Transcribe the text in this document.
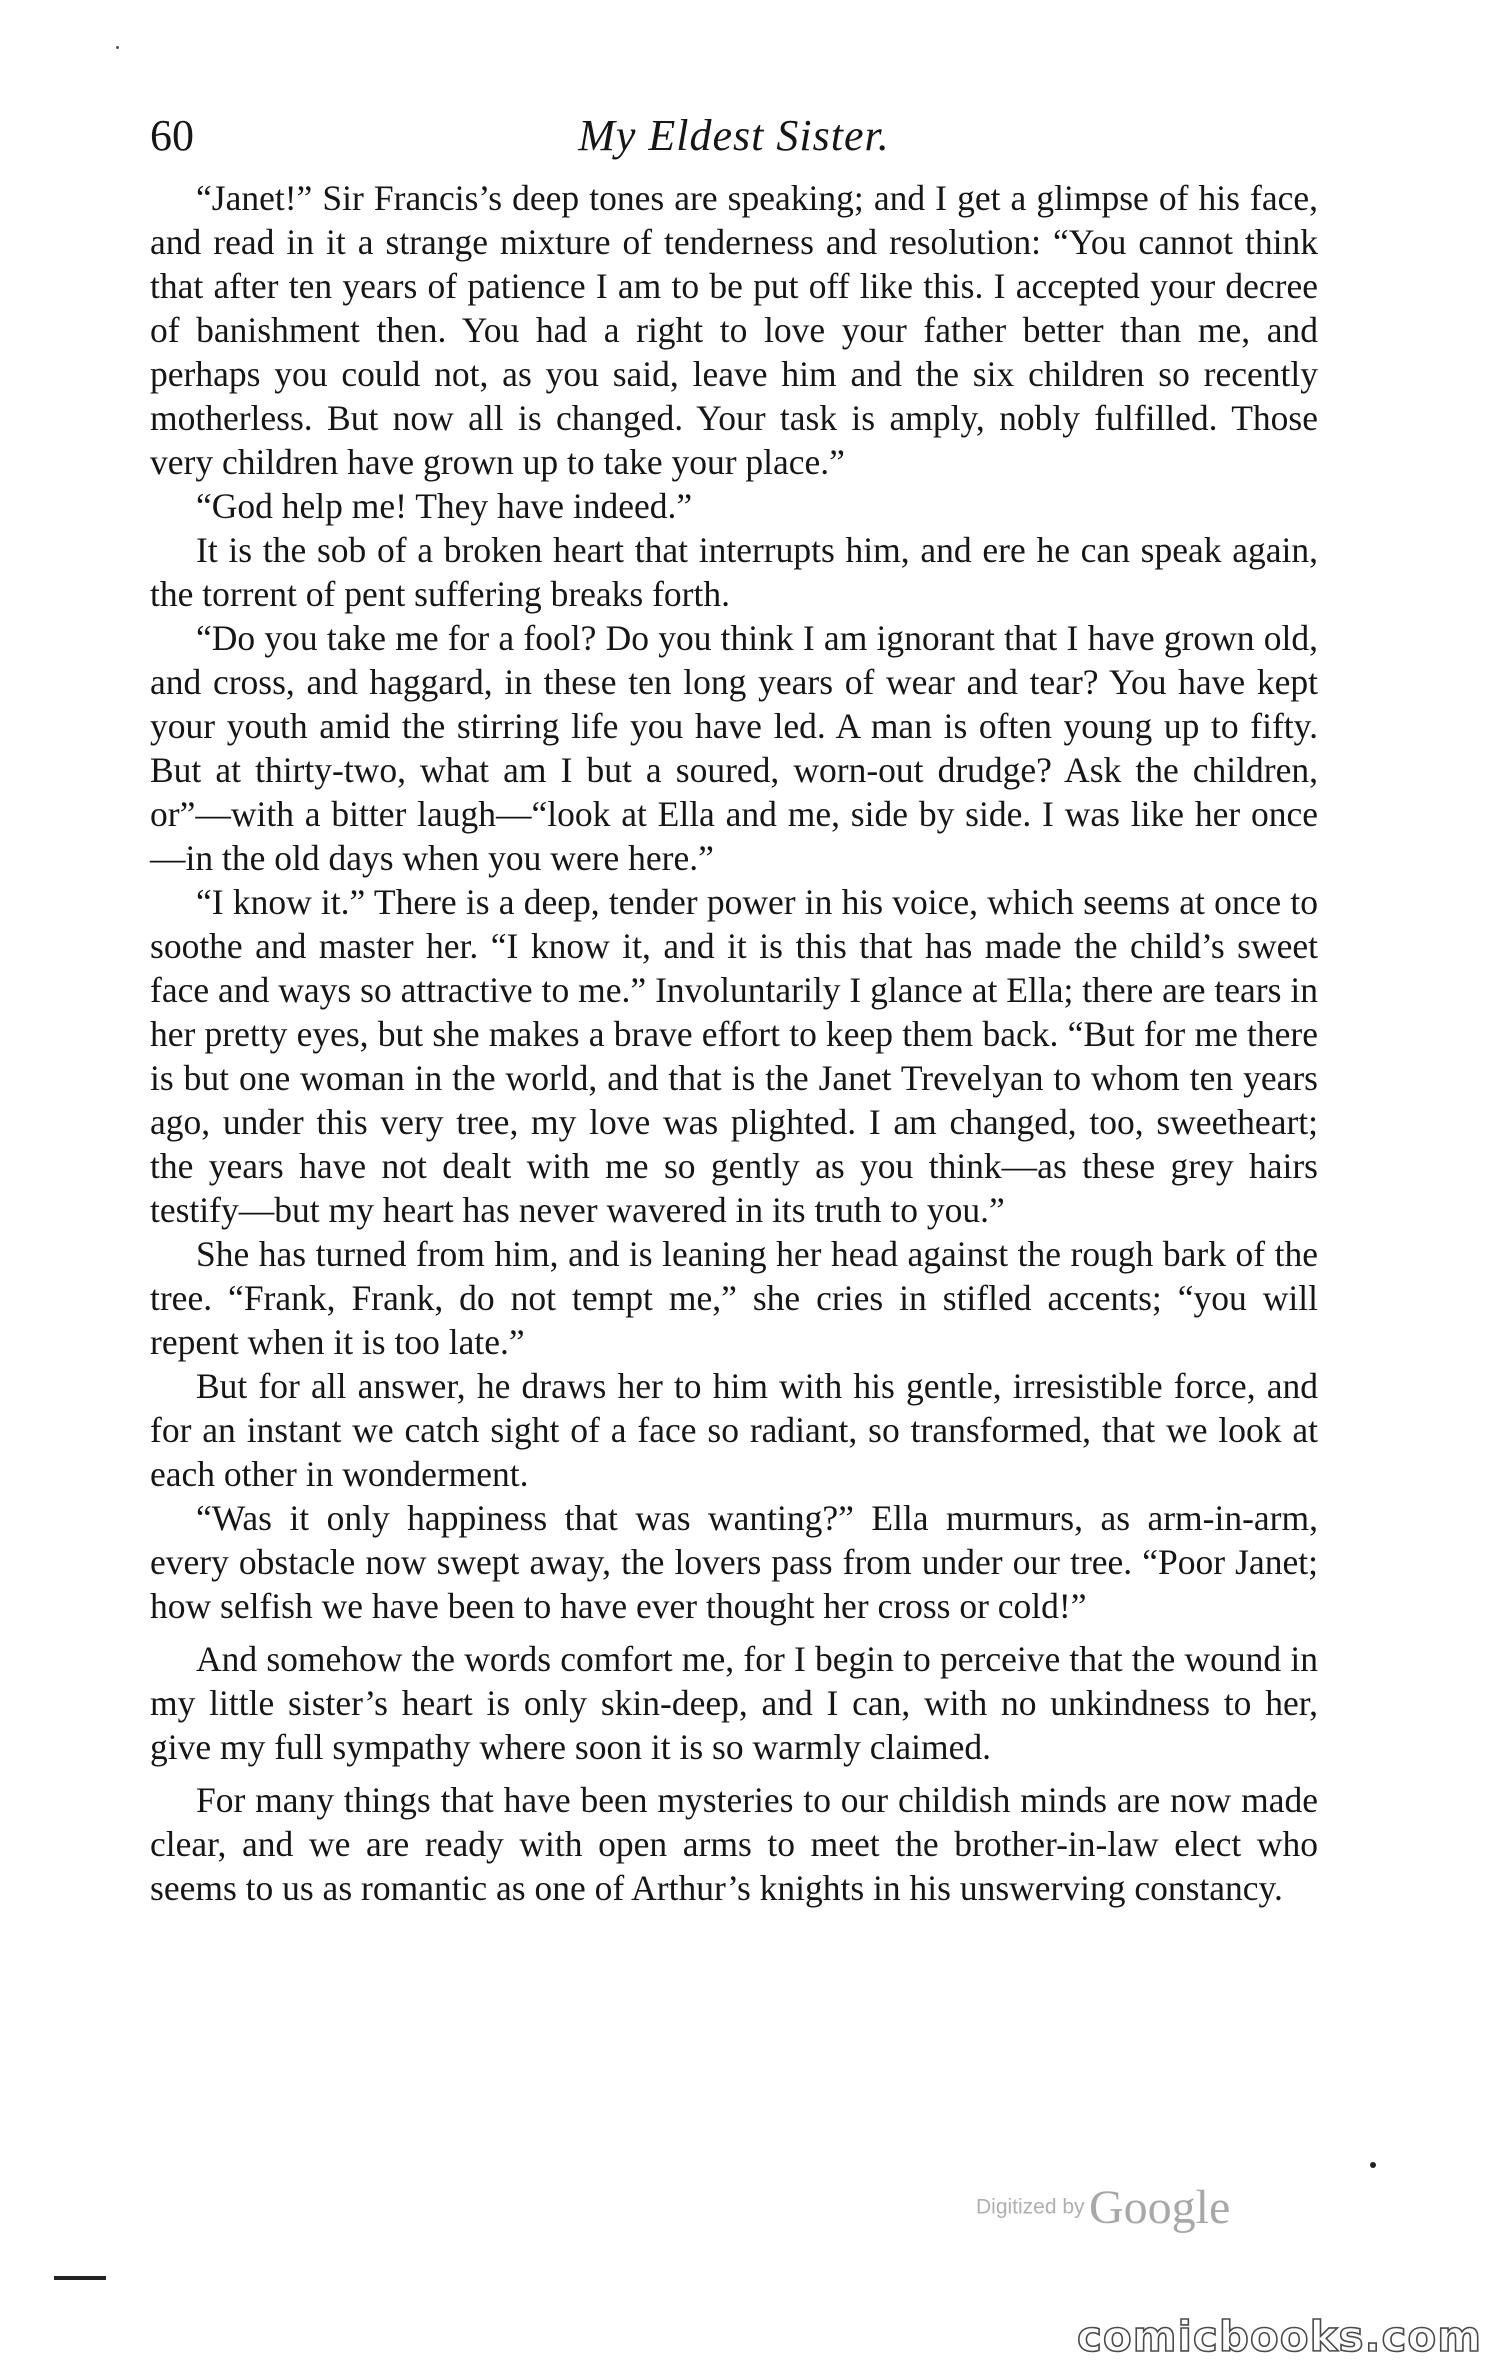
60	My Eldest Sister.

“Janet!” Sir Francis’s deep tones are speaking; and I get a glimpse of his face, and read in it a strange mixture of tenderness and resolution: “You cannot think that after ten years of patience I am to be put off like this. I accepted your decree of banishment then. You had a right to love your father better than me, and perhaps you could not, as you said, leave him and the six children so recently motherless. But now all is changed. Your task is amply, nobly fulfilled. Those very children have grown up to take your place.”

“God help me! They have indeed.”

It is the sob of a broken heart that interrupts him, and ere he can speak again, the torrent of pent suffering breaks forth.

“Do you take me for a fool? Do you think I am ignorant that I have grown old, and cross, and haggard, in these ten long years of wear and tear? You have kept your youth amid the stirring life you have led. A man is often young up to fifty. But at thirty-two, what am I but a soured, worn-out drudge? Ask the children, or”—with a bitter laugh—“look at Ella and me, side by side. I was like her once—in the old days when you were here.”

“I know it.” There is a deep, tender power in his voice, which seems at once to soothe and master her. “I know it, and it is this that has made the child’s sweet face and ways so attractive to me.” Involuntarily I glance at Ella; there are tears in her pretty eyes, but she makes a brave effort to keep them back. “But for me there is but one woman in the world, and that is the Janet Trevelyan to whom ten years ago, under this very tree, my love was plighted. I am changed, too, sweetheart; the years have not dealt with me so gently as you think—as these grey hairs testify—but my heart has never wavered in its truth to you.”

She has turned from him, and is leaning her head against the rough bark of the tree. “Frank, Frank, do not tempt me,” she cries in stifled accents; “you will repent when it is too late.”

But for all answer, he draws her to him with his gentle, irresistible force, and for an instant we catch sight of a face so radiant, so transformed, that we look at each other in wonderment.

“Was it only happiness that was wanting?” Ella murmurs, as arm-in-arm, every obstacle now swept away, the lovers pass from under our tree. “Poor Janet; how selfish we have been to have ever thought her cross or cold!”

And somehow the words comfort me, for I begin to perceive that the wound in my little sister’s heart is only skin-deep, and I can, with no unkindness to her, give my full sympathy where soon it is so warmly claimed.

For many things that have been mysteries to our childish minds are now made clear, and we are ready with open arms to meet the brother-in-law elect who seems to us as romantic as one of Arthur’s knights in his unswerving constancy.

Digitized by Google
comicbooks.com
